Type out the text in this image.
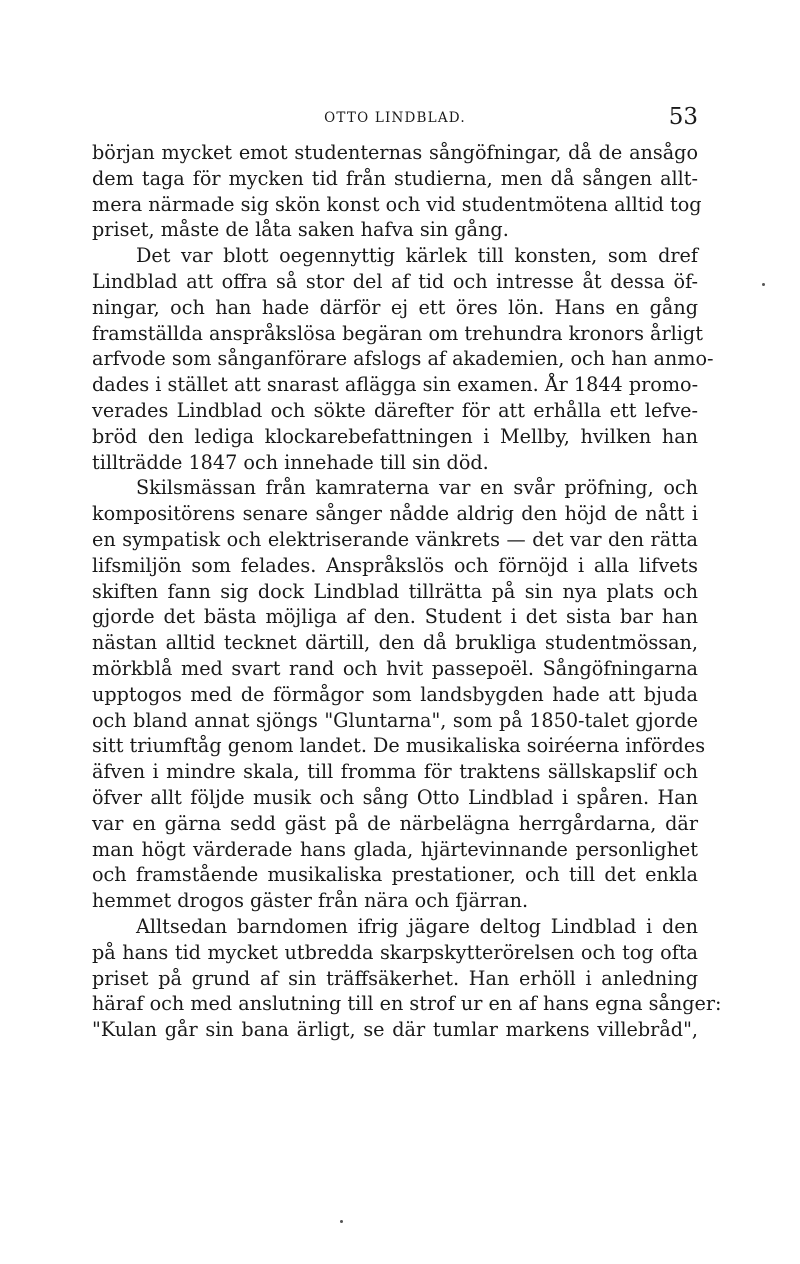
OTTO LINDBLAD.	53

början mycket emot studenternas sångöfningar, då de ansågo
dem taga för mycken tid från studierna, men då sången allt-
mera närmade sig skön konst och vid studentmötena alltid tog
priset, måste de låta saken hafva sin gång.

Det var blott oegennyttig kärlek till konsten, som dref
Lindblad att offra så stor del af tid och intresse åt dessa öf-
ningar, och han hade därför ej ett öres lön. Hans en gång
framställda anspråkslösa begäran om trehundra kronors årligt
arfvode som sånganförare afslogs af akademien, och han anmo-
dades i stället att snarast aflägga sin examen. År 1844 promo-
verades Lindblad och sökte därefter för att erhålla ett lefve-
bröd den lediga klockarebefattningen i Mellby, hvilken han
tillträdde 1847 och innehade till sin död.

Skilsmässan från kamraterna var en svår pröfning, och
kompositörens senare sånger nådde aldrig den höjd de nått i
en sympatisk och elektriserande vänkrets — det var den rätta
lifsmiljön som felades. Anspråkslös och förnöjd i alla lifvets
skiften fann sig dock Lindblad tillrätta på sin nya plats och
gjorde det bästa möjliga af den. Student i det sista bar han
nästan alltid tecknet därtill, den då brukliga studentmössan,
mörkblå med svart rand och hvit passepoël. Sångöfningarna
upptogos med de förmågor som landsbygden hade att bjuda
och bland annat sjöngs "Gluntarna", som på 1850-talet gjorde
sitt triumftåg genom landet. De musikaliska soiréerna infördes
äfven i mindre skala, till fromma för traktens sällskapslif och
öfver allt följde musik och sång Otto Lindblad i spåren. Han
var en gärna sedd gäst på de närbelägna herrgårdarna, där
man högt värderade hans glada, hjärtevinnande personlighet
och framstående musikaliska prestationer, och till det enkla
hemmet drogos gäster från nära och fjärran.

Alltsedan barndomen ifrig jägare deltog Lindblad i den
på hans tid mycket utbredda skarpskytterörelsen och tog ofta
priset på grund af sin träffsäkerhet. Han erhöll i anledning
häraf och med anslutning till en strof ur en af hans egna sånger:
"Kulan går sin bana ärligt, se där tumlar markens villebråd",
